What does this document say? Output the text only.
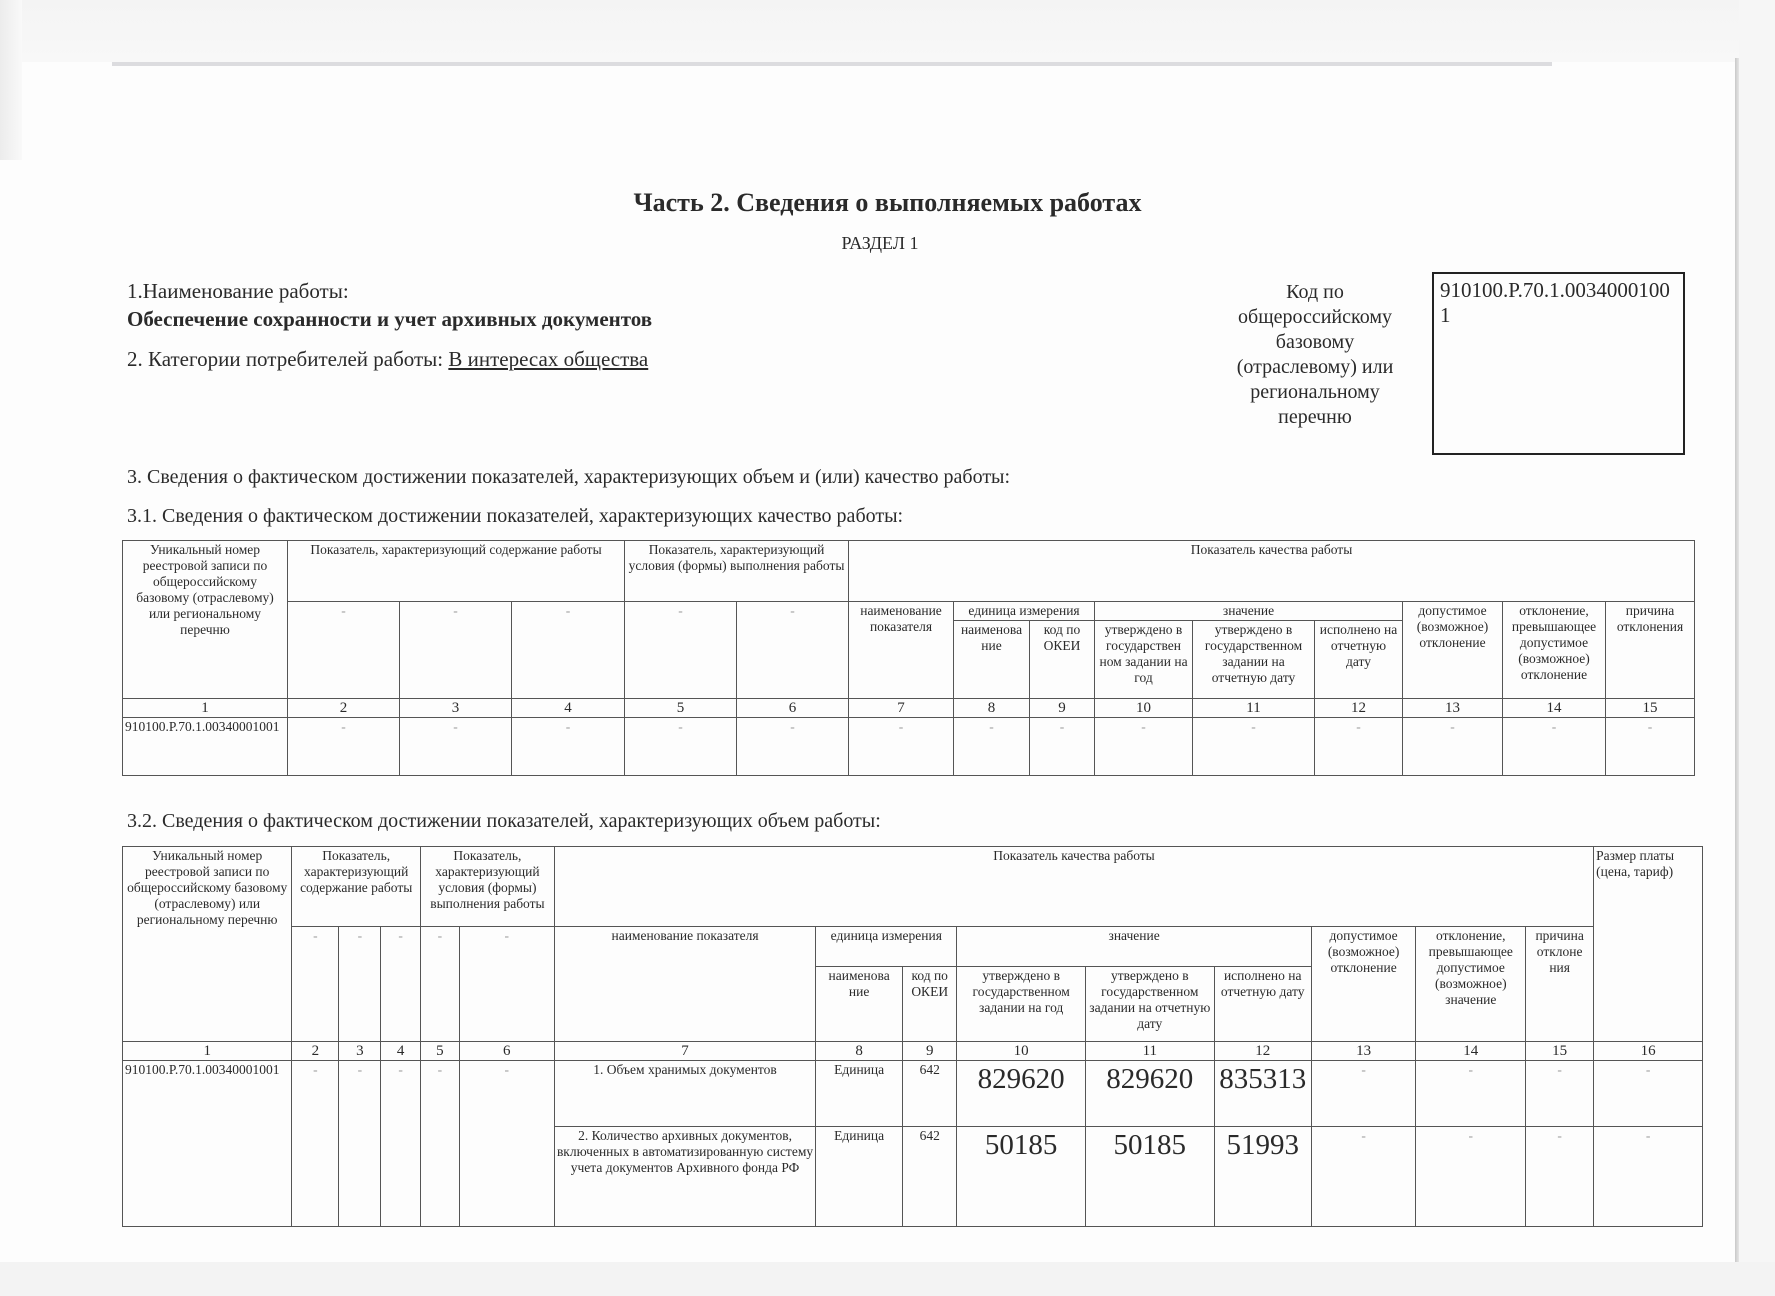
Часть 2. Сведения о выполняемых работах
РАЗДЕЛ 1
1.Наименование работы:
Обеспечение сохранности и учет архивных документов
2. Категории потребителей работы: В интересах общества
Код по общероссийскому базовому (отраслевому) или региональному перечню
910100.P.70.1.00340001001
3. Сведения о фактическом достижении показателей, характеризующих объем и (или) качество работы:
3.1. Сведения о фактическом достижении показателей, характеризующих качество работы:
Уникальный номер реестровой записи по общероссийскому базовому (отраслевому) или региональному перечню	Показатель, характеризующий содержание работы			Показатель, характеризующий условия (формы) выполнения работы		Показатель качества работы								
	-	-	-	-	-	наименование показателя	единица измерения		значение			допустимое (возможное) отклонение	отклонение, превышающее допустимое (возможное) отклонение	причина отклонения
							наименова ние	код по ОКЕИ	утверждено в государствен ном задании на год	утверждено в государственном задании на отчетную дату	исполнено на отчетную дату			
1	2	3	4	5	6	7	8	9	10	11	12	13	14	15
910100.P.70.1.00340001001	-	-	-	-	-	-	-	-	-	-	-	-	-	-
3.2. Сведения о фактическом достижении показателей, характеризующих объем работы:
Уникальный номер реестровой записи по общероссийскому базовому (отраслевому) или региональному перечню	Показатель, характеризующий содержание работы			Показатель, характеризующий условия (формы) выполнения работы		Показатель качества работы									Размер платы (цена, тариф)
	-	-	-	-	-	наименование показателя	единица измерения		значение			допустимое (возможное) отклонение	отклонение, превышающее допустимое (возможное) значение	причина отклоне ния	
							наименова ние	код по ОКЕИ	утверждено в государственном задании на год	утверждено в государственном задании на отчетную дату	исполнено на отчетную дату				
1	2	3	4	5	6	7	8	9	10	11	12	13	14	15	16
910100.P.70.1.00340001001	-	-	-	-	-	1. Объем хранимых документов	Единица	642	829620	829620	835313	-	-	-	-
						2. Количество архивных документов, включенных в автоматизированную систему учета документов Архивного фонда РФ	Единица	642	50185	50185	51993	-	-	-	-
